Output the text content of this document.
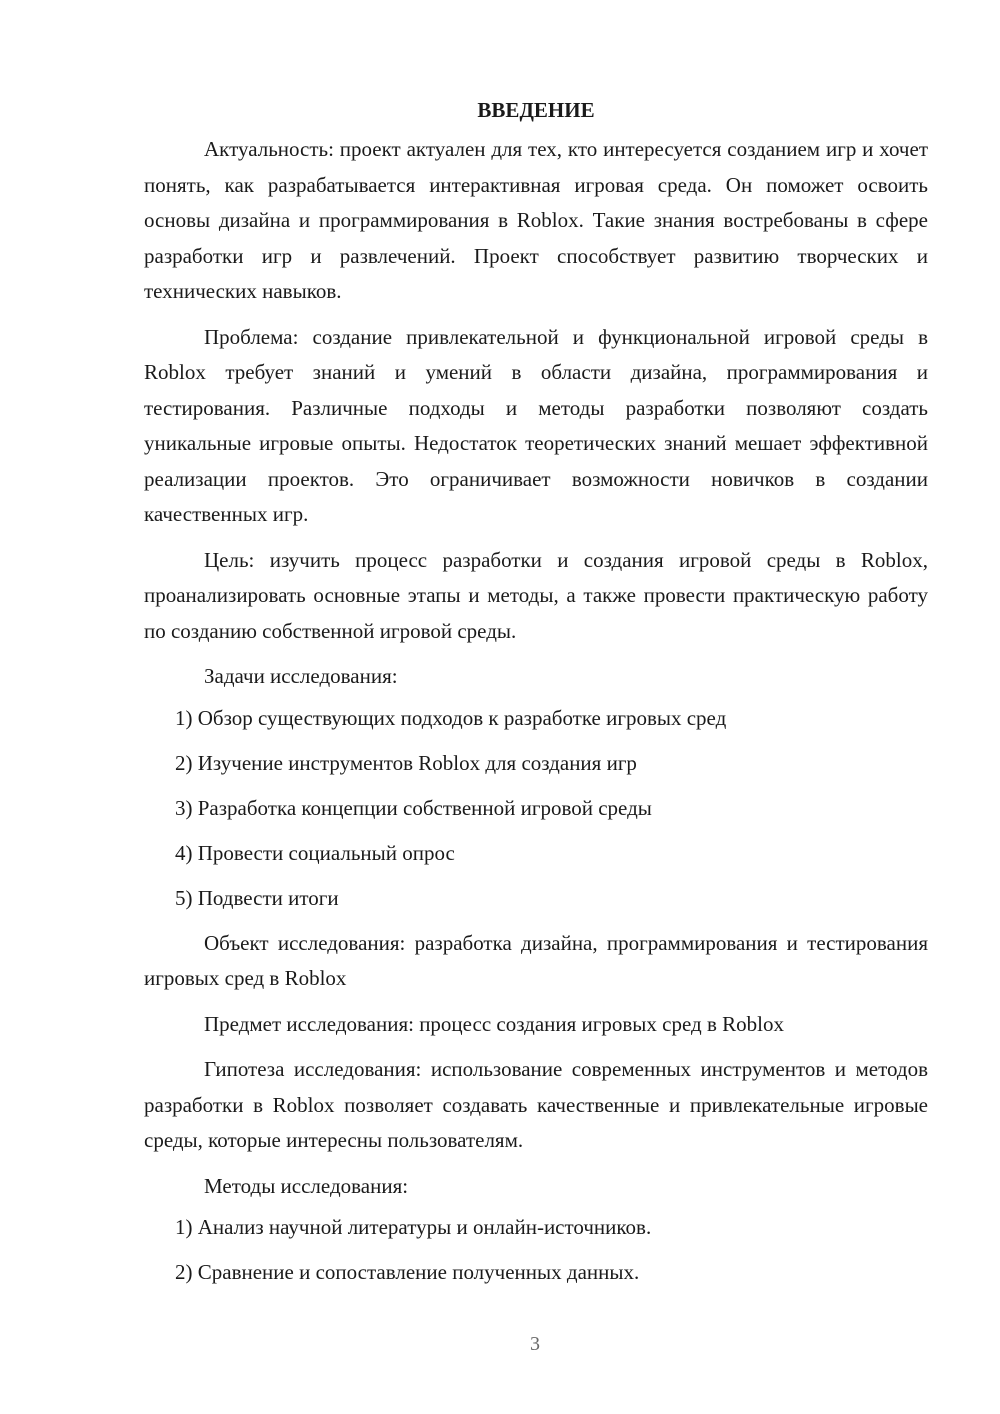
ВВЕДЕНИЕ

Актуальность: проект актуален для тех, кто интересуется созданием игр и хочет понять, как разрабатывается интерактивная игровая среда. Он поможет освоить основы дизайна и программирования в Roblox. Такие знания востребованы в сфере разработки игр и развлечений. Проект способствует развитию творческих и технических навыков.

Проблема: создание привлекательной и функциональной игровой среды в Roblox требует знаний и умений в области дизайна, программирования и тестирования. Различные подходы и методы разработки позволяют создать уникальные игровые опыты. Недостаток теоретических знаний мешает эффективной реализации проектов. Это ограничивает возможности новичков в создании качественных игр.

Цель: изучить процесс разработки и создания игровой среды в Roblox, проанализировать основные этапы и методы, а также провести практическую работу по созданию собственной игровой среды.

Задачи исследования:

1) Обзор существующих подходов к разработке игровых сред
2) Изучение инструментов Roblox для создания игр
3) Разработка концепции собственной игровой среды
4) Провести социальный опрос
5) Подвести итоги

Объект исследования: разработка дизайна, программирования и тестирования игровых сред в Roblox

Предмет исследования: процесс создания игровых сред в Roblox

Гипотеза исследования: использование современных инструментов и методов разработки в Roblox позволяет создавать качественные и привлекательные игровые среды, которые интересны пользователям.

Методы исследования:

1) Анализ научной литературы и онлайн-источников.
2) Сравнение и сопоставление полученных данных.
3
